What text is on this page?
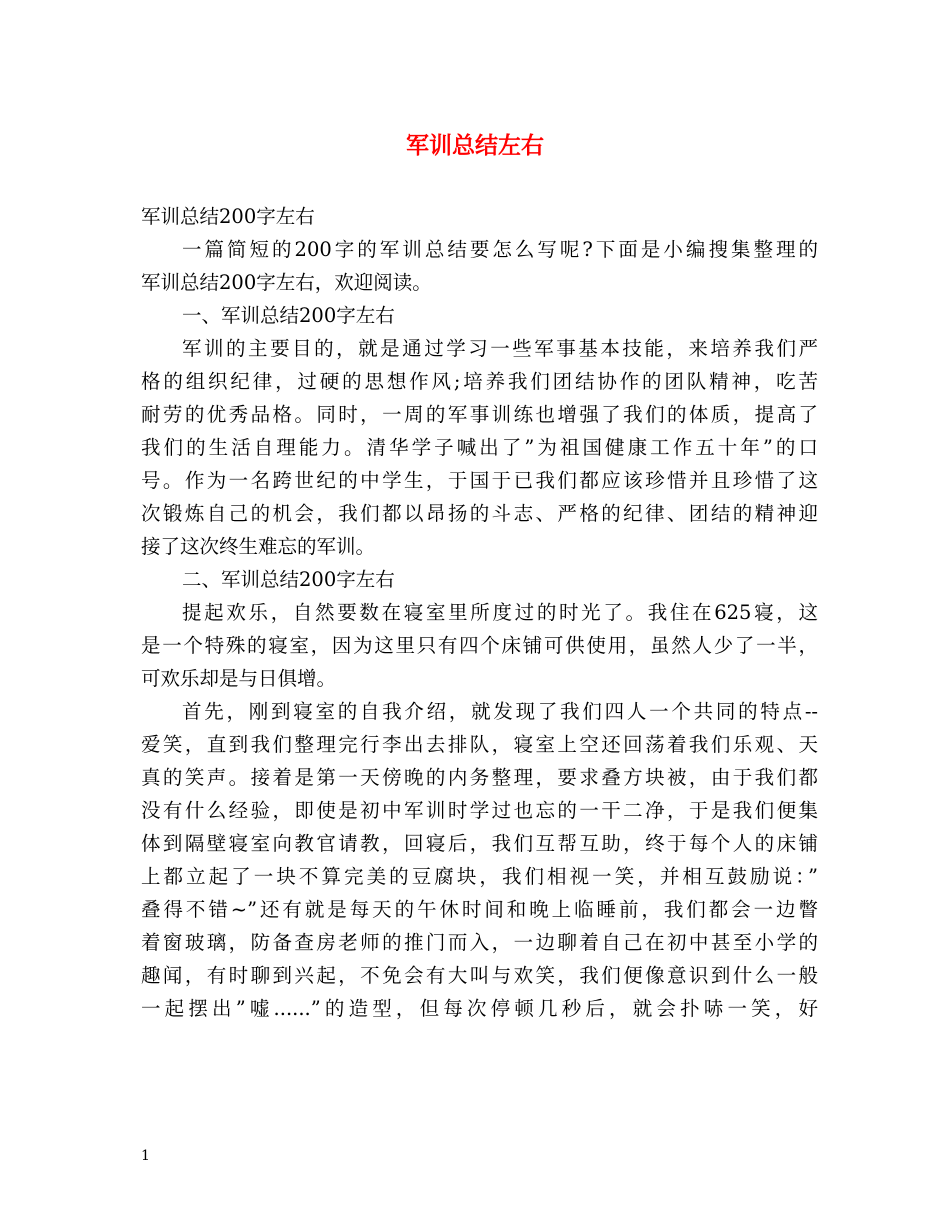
军训总结左右
军训总结200字左右
一篇简短的200字的军训总结要怎么写呢?下面是小编搜集整理的
军训总结200字左右，欢迎阅读。
一、军训总结200字左右
军训的主要目的，就是通过学习一些军事基本技能，来培养我们严
格的组织纪律，过硬的思想作风;培养我们团结协作的团队精神，吃苦
耐劳的优秀品格。同时，一周的军事训练也增强了我们的体质，提高了
我们的生活自理能力。清华学子喊出了”为祖国健康工作五十年”的口
号。作为一名跨世纪的中学生，于国于已我们都应该珍惜并且珍惜了这
次锻炼自己的机会，我们都以昂扬的斗志、严格的纪律、团结的精神迎
接了这次终生难忘的军训。
二、军训总结200字左右
提起欢乐，自然要数在寝室里所度过的时光了。我住在625寝，这
是一个特殊的寝室，因为这里只有四个床铺可供使用，虽然人少了一半，
可欢乐却是与日俱增。
首先，刚到寝室的自我介绍，就发现了我们四人一个共同的特点--
爱笑，直到我们整理完行李出去排队，寝室上空还回荡着我们乐观、天
真的笑声。接着是第一天傍晚的内务整理，要求叠方块被，由于我们都
没有什么经验，即使是初中军训时学过也忘的一干二净，于是我们便集
体到隔壁寝室向教官请教，回寝后，我们互帮互助，终于每个人的床铺
上都立起了一块不算完美的豆腐块，我们相视一笑，并相互鼓励说：”
叠得不错~”还有就是每天的午休时间和晚上临睡前，我们都会一边瞥
着窗玻璃，防备查房老师的推门而入，一边聊着自己在初中甚至小学的
趣闻，有时聊到兴起，不免会有大叫与欢笑，我们便像意识到什么一般
一起摆出”嘘......”的造型，但每次停顿几秒后，就会扑哧一笑，好
1
